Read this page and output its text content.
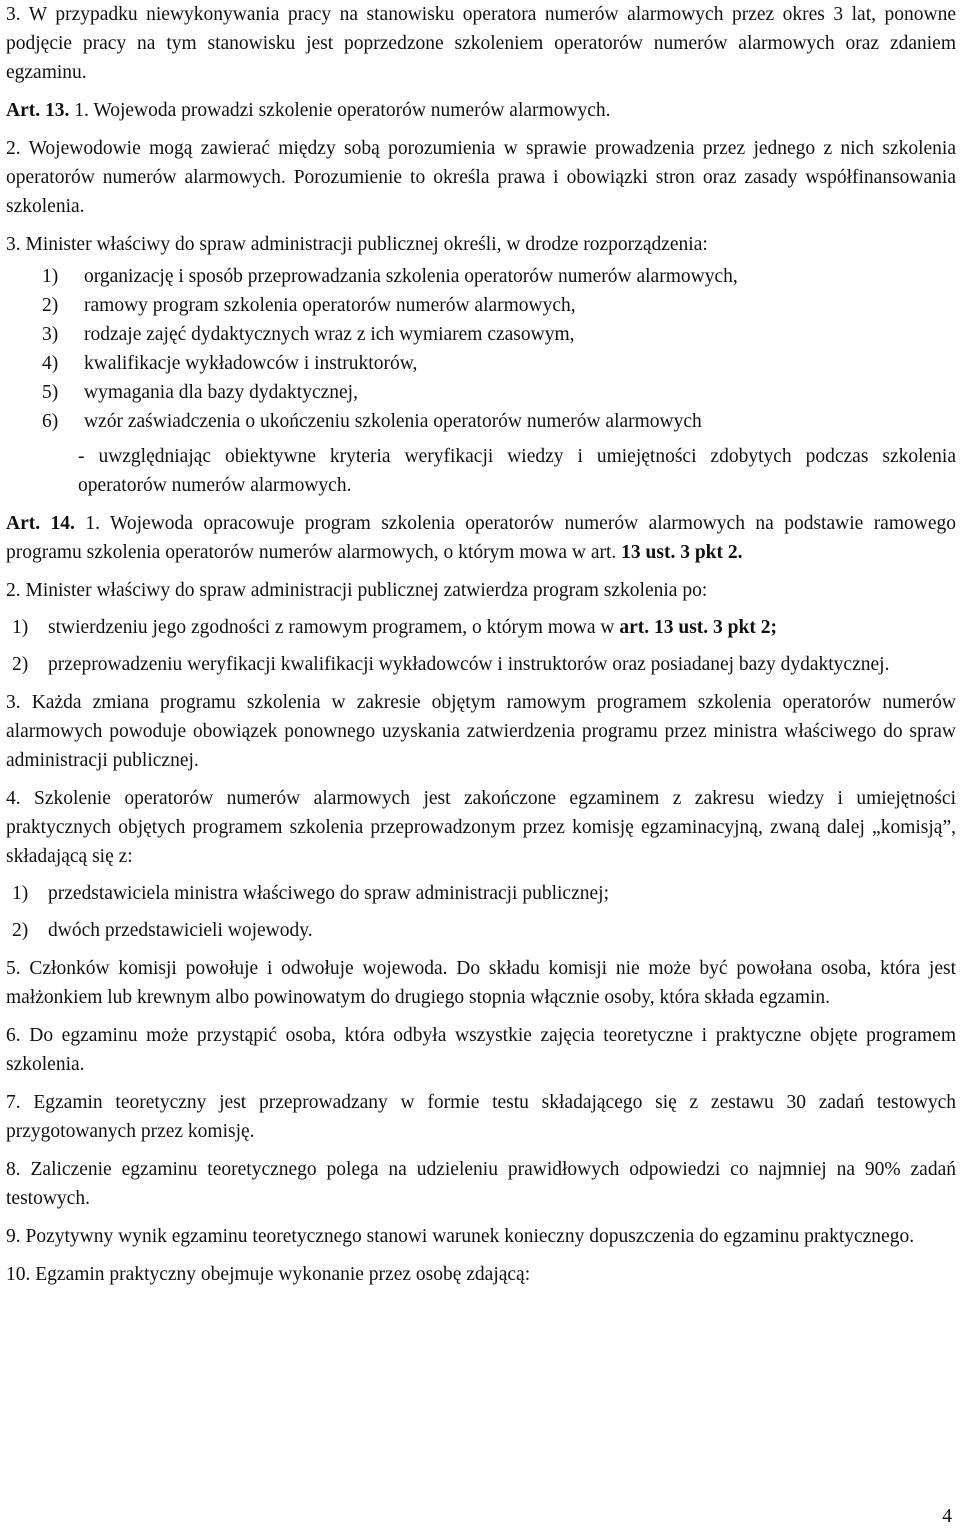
3. W przypadku niewykonywania pracy na stanowisku operatora numerów alarmowych przez okres 3 lat, ponowne podjęcie pracy na tym stanowisku jest poprzedzone szkoleniem operatorów numerów alarmowych oraz zdaniem egzaminu.

Art. 13. 1. Wojewoda prowadzi szkolenie operatorów numerów alarmowych.

2. Wojewodowie mogą zawierać między sobą porozumienia w sprawie prowadzenia przez jednego z nich szkolenia operatorów numerów alarmowych. Porozumienie to określa prawa i obowiązki stron oraz zasady współfinansowania szkolenia.

3. Minister właściwy do spraw administracji publicznej określi, w drodze rozporządzenia:

1)	organizację i sposób przeprowadzania szkolenia operatorów numerów alarmowych,
2)	ramowy program szkolenia operatorów numerów alarmowych,
3)	rodzaje zajęć dydaktycznych wraz z ich wymiarem czasowym,
4)	kwalifikacje wykładowców i instruktorów,
5)	wymagania dla bazy dydaktycznej,
6)	wzór zaświadczenia o ukończeniu szkolenia operatorów numerów alarmowych

- uwzględniając obiektywne kryteria weryfikacji wiedzy i umiejętności zdobytych podczas szkolenia operatorów numerów alarmowych.

Art. 14. 1. Wojewoda opracowuje program szkolenia operatorów numerów alarmowych na podstawie ramowego programu szkolenia operatorów numerów alarmowych, o którym mowa w art. 13 ust. 3 pkt 2.

2. Minister właściwy do spraw administracji publicznej zatwierdza program szkolenia po:

1)	stwierdzeniu jego zgodności z ramowym programem, o którym mowa w art. 13 ust. 3 pkt 2;
2)	przeprowadzeniu weryfikacji kwalifikacji wykładowców i instruktorów oraz posiadanej bazy dydaktycznej.

3. Każda zmiana programu szkolenia w zakresie objętym ramowym programem szkolenia operatorów numerów alarmowych powoduje obowiązek ponownego uzyskania zatwierdzenia programu przez ministra właściwego do spraw administracji publicznej.

4. Szkolenie operatorów numerów alarmowych jest zakończone egzaminem z zakresu wiedzy i umiejętności praktycznych objętych programem szkolenia przeprowadzonym przez komisję egzaminacyjną, zwaną dalej „komisją”, składającą się z:

1)	przedstawiciela ministra właściwego do spraw administracji publicznej;
2)	dwóch przedstawicieli wojewody.

5. Członków komisji powołuje i odwołuje wojewoda. Do składu komisji nie może być powołana osoba, która jest małżonkiem lub krewnym albo powinowatym do drugiego stopnia włącznie osoby, która składa egzamin.

6. Do egzaminu może przystąpić osoba, która odbyła wszystkie zajęcia teoretyczne i praktyczne objęte programem szkolenia.

7. Egzamin teoretyczny jest przeprowadzany w formie testu składającego się z zestawu 30 zadań testowych przygotowanych przez komisję.

8. Zaliczenie egzaminu teoretycznego polega na udzieleniu prawidłowych odpowiedzi co najmniej na 90% zadań testowych.

9. Pozytywny wynik egzaminu teoretycznego stanowi warunek konieczny dopuszczenia do egzaminu praktycznego.

10. Egzamin praktyczny obejmuje wykonanie przez osobę zdającą:

4
